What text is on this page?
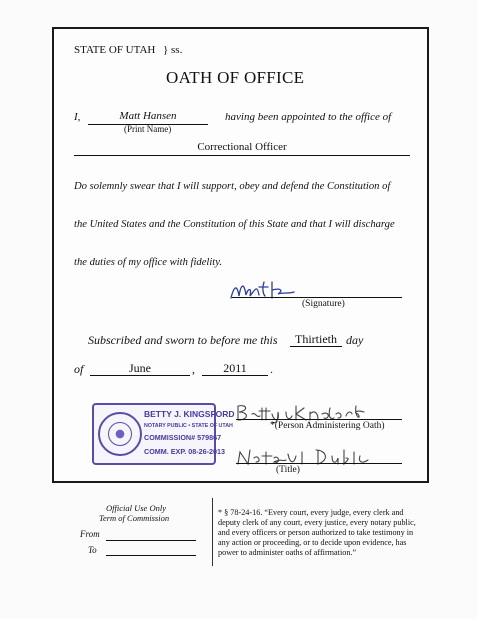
STATE OF UTAH } ss.
OATH OF OFFICE
I,	Matt Hansen
(Print Name)
having been appointed to the office of
Correctional Officer
Do solemnly swear that I will support, obey and defend the Constitution of
the United States and the Constitution of this State and that I will discharge
the duties of my office with fidelity.
(Signature)
Subscribed and sworn to before me this	Thirtieth day
of	June	,	2011	.
BETTY J. KINGSFORD
NOTARY PUBLIC • STATE OF UTAH
COMMISSION# 579867
COMM. EXP. 08-26-2013
*(Person Administering Oath)
(Title)
Official Use Only
Term of Commission
From
To
* § 78-24-16. “Every court, every judge, every clerk and
deputy clerk of any court, every justice, every notary public,
and every officers or person authorized to take testimony in
any action or proceeding, or to decide upon evidence, has
power to administer oaths of affirmation.”
